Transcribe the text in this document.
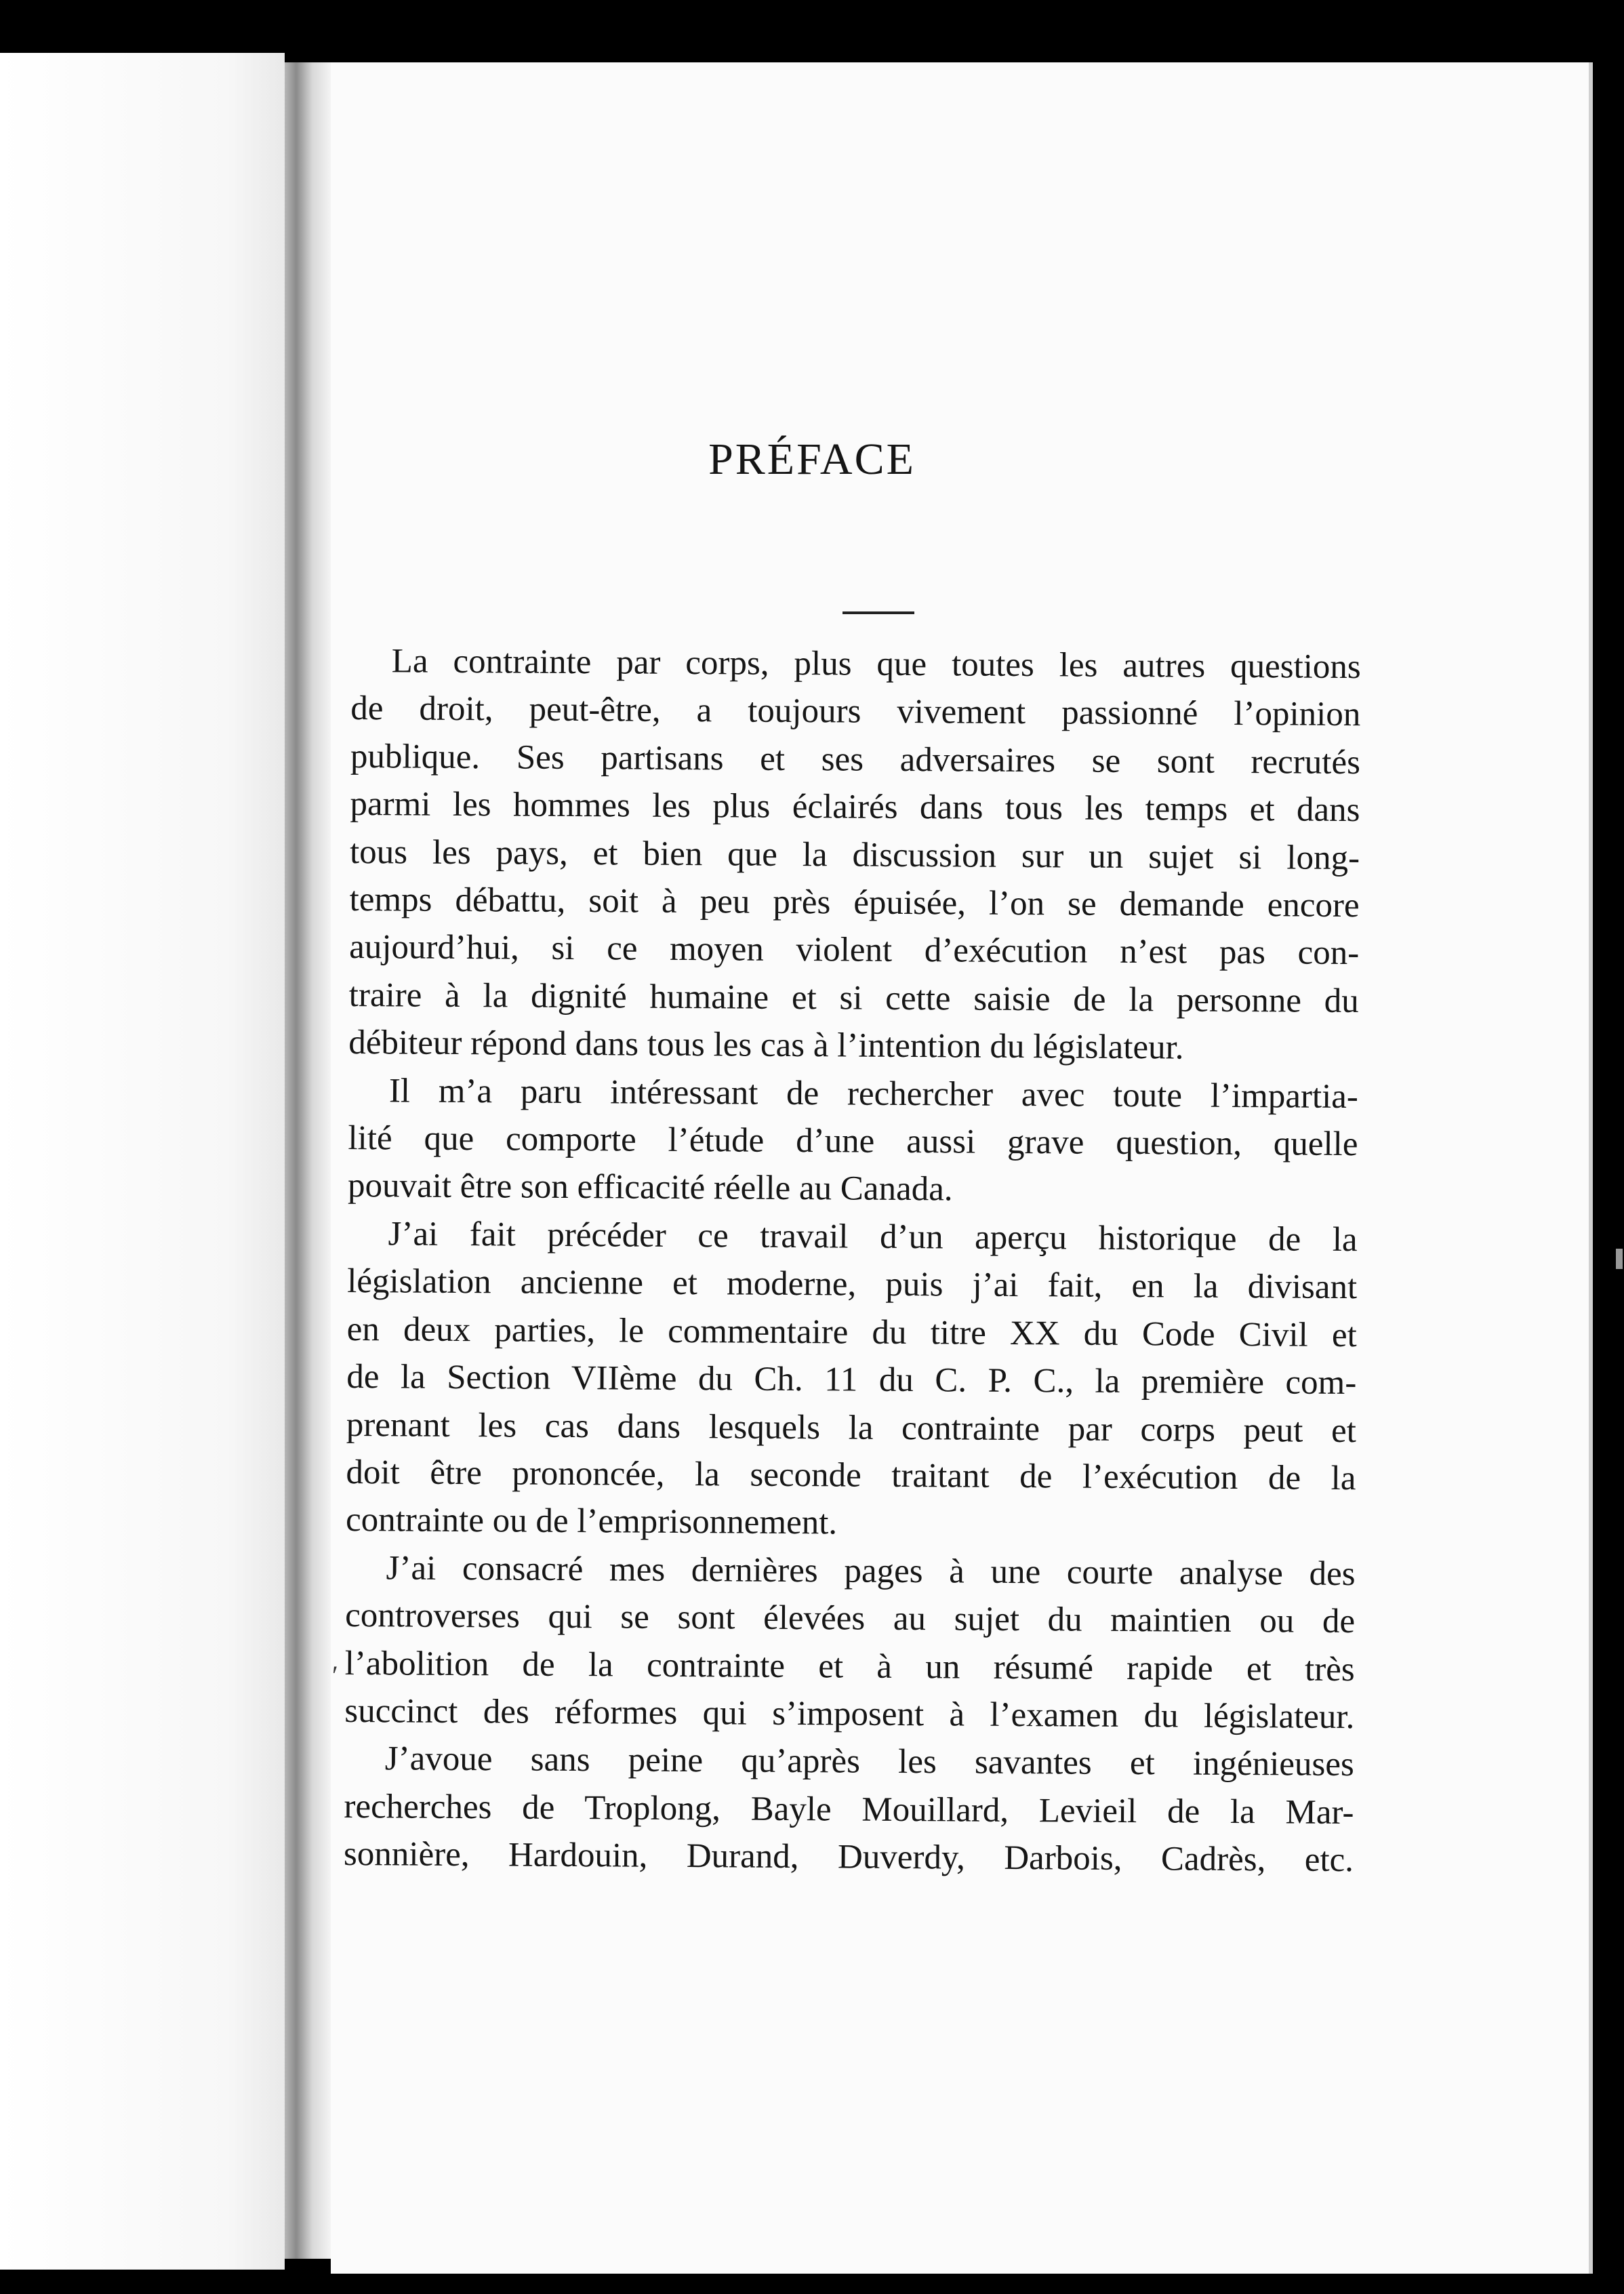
PRÉFACE
La contrainte par corps, plus que toutes les autres questions
de droit, peut-être, a toujours vivement passionné l’opinion
publique. Ses partisans et ses adversaires se sont recrutés
parmi les hommes les plus éclairés dans tous les temps et dans
tous les pays, et bien que la discussion sur un sujet si long-
temps débattu, soit à peu près épuisée, l’on se demande encore
aujourd’hui, si ce moyen violent d’exécution n’est pas con-
traire à la dignité humaine et si cette saisie de la personne du
débiteur répond dans tous les cas à l’intention du législateur.
Il m’a paru intéressant de rechercher avec toute l’impartia-
lité que comporte l’étude d’une aussi grave question, quelle
pouvait être son efficacité réelle au Canada.
J’ai fait précéder ce travail d’un aperçu historique de la
législation ancienne et moderne, puis j’ai fait, en la divisant
en deux parties, le commentaire du titre XX du Code Civil et
de la Section VIIème du Ch. 11 du C. P. C., la première com-
prenant les cas dans lesquels la contrainte par corps peut et
doit être prononcée, la seconde traitant de l’exécution de la
contrainte ou de l’emprisonnement.
J’ai consacré mes dernières pages à une courte analyse des
controverses qui se sont élevées au sujet du maintien ou de
l’abolition de la contrainte et à un résumé rapide et très
succinct des réformes qui s’imposent à l’examen du législateur.
J’avoue sans peine qu’après les savantes et ingénieuses
recherches de Troplong, Bayle Mouillard, Levieil de la Mar-
sonnière, Hardouin, Durand, Duverdy, Darbois, Cadrès, etc.
ʹ
